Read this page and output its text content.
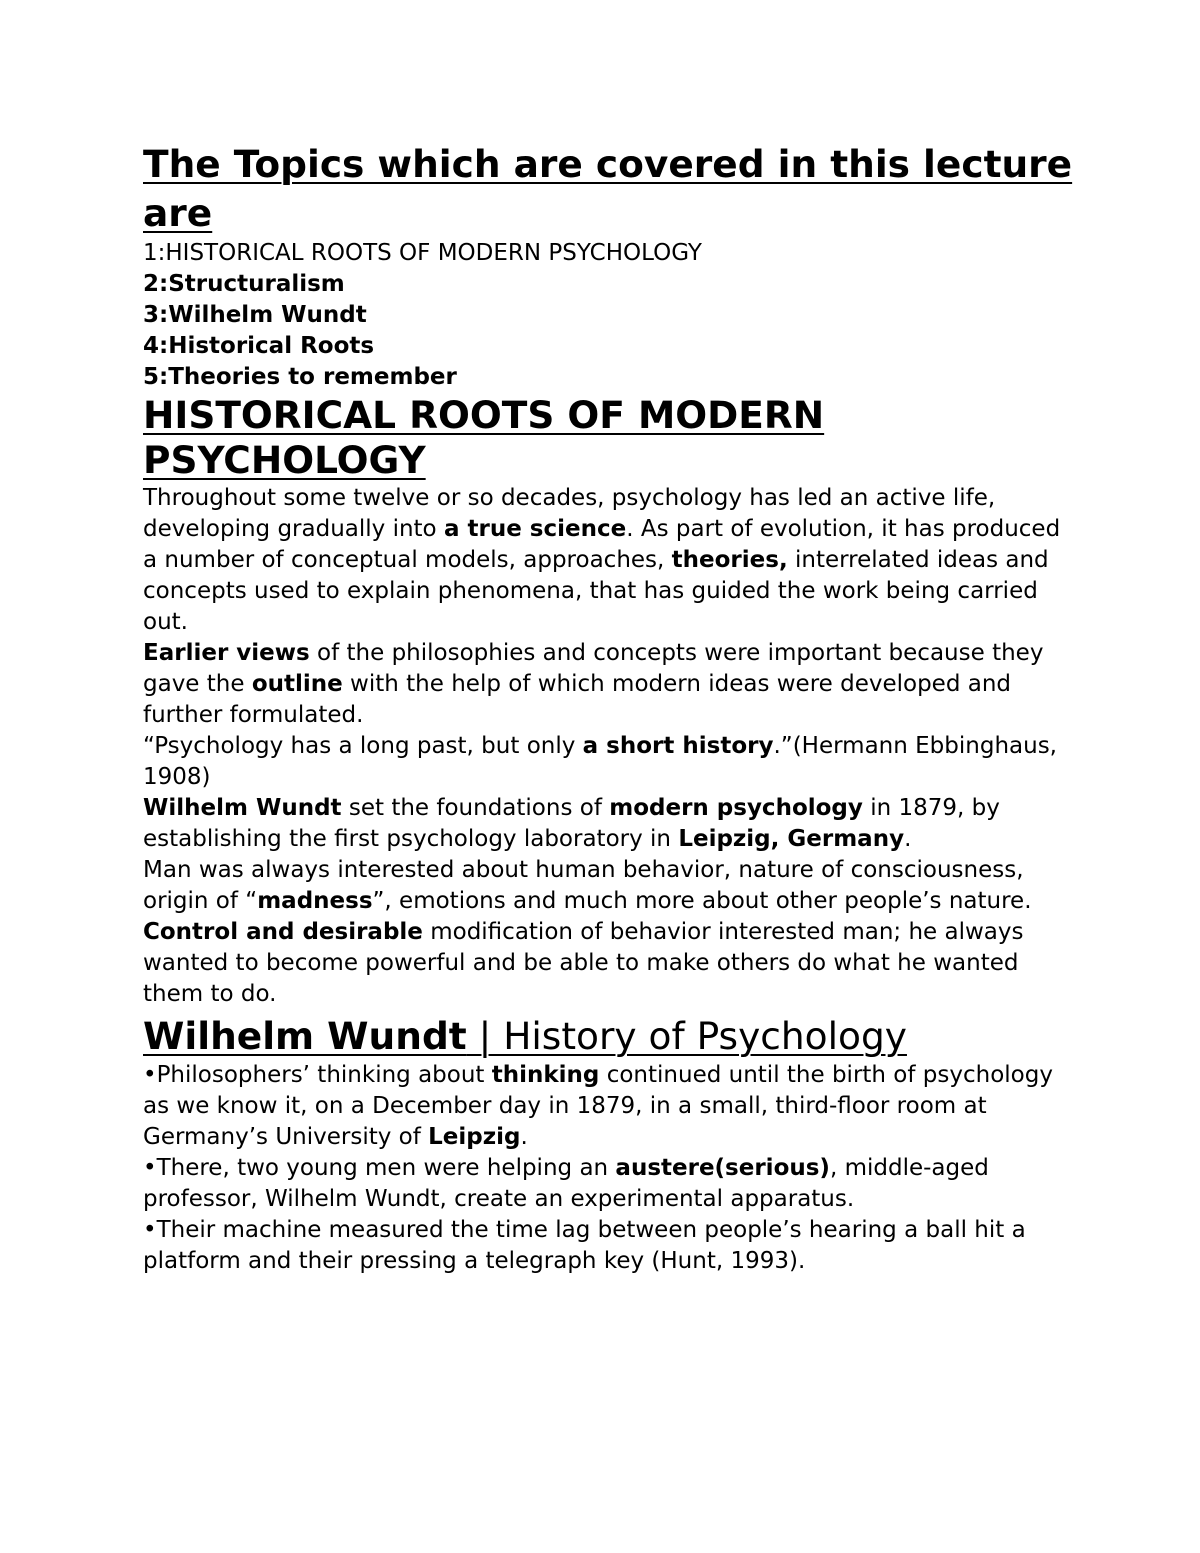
The Topics which are covered in this lecture are
1:HISTORICAL ROOTS OF MODERN PSYCHOLOGY
2:Structuralism
3:Wilhelm Wundt
4:Historical Roots
5:Theories to remember
HISTORICAL ROOTS OF MODERN PSYCHOLOGY

Throughout some twelve or so decades, psychology has led an active life, developing gradually into a true science. As part of evolution, it has produced a number of conceptual models, approaches, theories, interrelated ideas and concepts used to explain phenomena, that has guided the work being carried out.

Earlier views of the philosophies and concepts were important because they gave the outline with the help of which modern ideas were developed and further formulated.

“Psychology has a long past, but only a short history.”(Hermann Ebbinghaus, 1908)

Wilhelm Wundt set the foundations of modern psychology in 1879, by establishing the first psychology laboratory in Leipzig, Germany.

Man was always interested about human behavior, nature of consciousness, origin of “madness”, emotions and much more about other people’s nature.

Control and desirable modification of behavior interested man; he always wanted to become powerful and be able to make others do what he wanted them to do.

Wilhelm Wundt | History of Psychology

•Philosophers’ thinking about thinking continued until the birth of psychology as we know it, on a December day in 1879, in a small, third-floor room at Germany’s University of Leipzig.

•There, two young men were helping an austere(serious), middle-aged professor, Wilhelm Wundt, create an experimental apparatus.

•Their machine measured the time lag between people’s hearing a ball hit a platform and their pressing a telegraph key (Hunt, 1993).
